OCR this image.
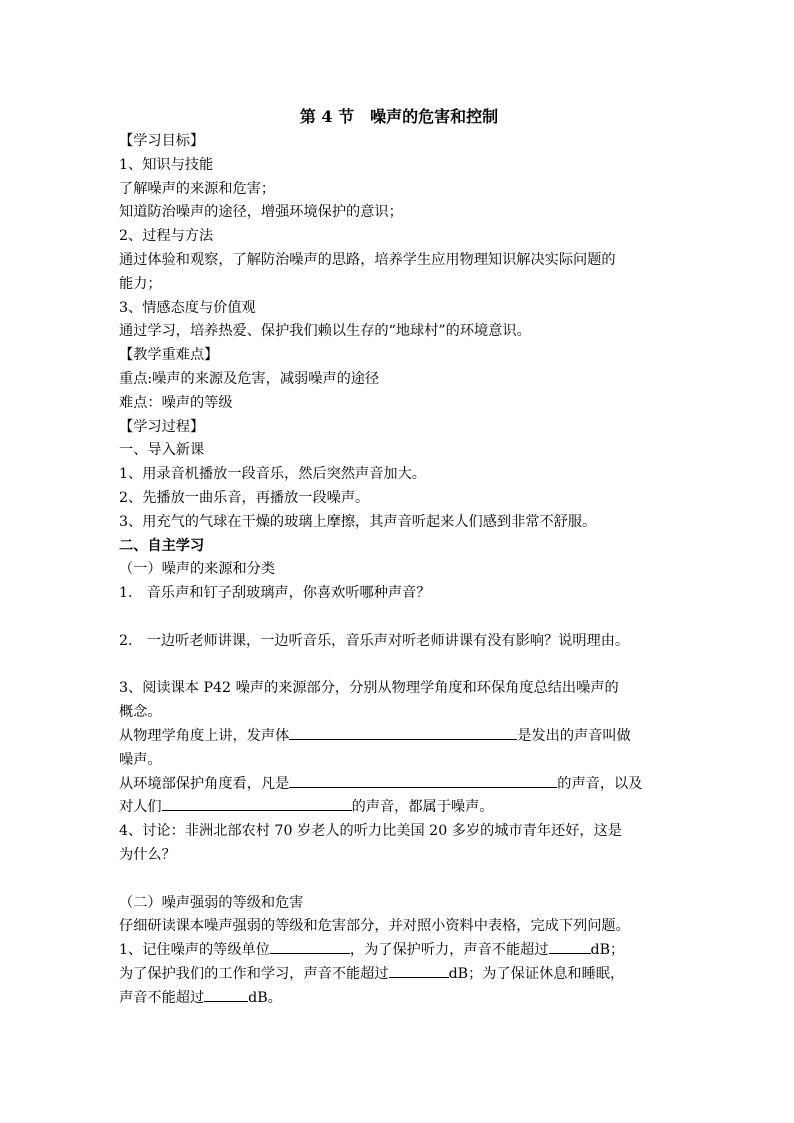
第 4 节　噪声的危害和控制
【学习目标】
1、知识与技能
了解噪声的来源和危害；
知道防治噪声的途径，增强环境保护的意识；
2、过程与方法
通过体验和观察，了解防治噪声的思路，培养学生应用物理知识解决实际问题的
能力；
3、情感态度与价值观
通过学习，培养热爱、保护我们赖以生存的“地球村”的环境意识。
【教学重难点】
重点:噪声的来源及危害，减弱噪声的途径
难点：噪声的等级
【学习过程】
一、导入新课
1、用录音机播放一段音乐，然后突然声音加大。
2、先播放一曲乐音，再播放一段噪声。
3、用充气的气球在干燥的玻璃上摩擦，其声音听起来人们感到非常不舒服。
二、自主学习
（一）噪声的来源和分类
1.　音乐声和钉子刮玻璃声，你喜欢听哪种声音？
2.　一边听老师讲课，一边听音乐，音乐声对听老师讲课有没有影响？说明理由。
3、阅读课本 P42 噪声的来源部分，分别从物理学角度和环保角度总结出噪声的
概念。
从物理学角度上讲，发声体	是发出的声音叫做
噪声。
从环境部保护角度看，凡是	的声音，以及
对人们	的声音，都属于噪声。
4、讨论：非洲北部农村 70 岁老人的听力比美国 20 多岁的城市青年还好，这是
为什么？
（二）噪声强弱的等级和危害
仔细研读课本噪声强弱的等级和危害部分，并对照小资料中表格，完成下列问题。
1、记住噪声的等级单位	，为了保护听力，声音不能超过	dB；
为了保护我们的工作和学习，声音不能超过	dB；为了保证休息和睡眠，
声音不能超过	dB。
